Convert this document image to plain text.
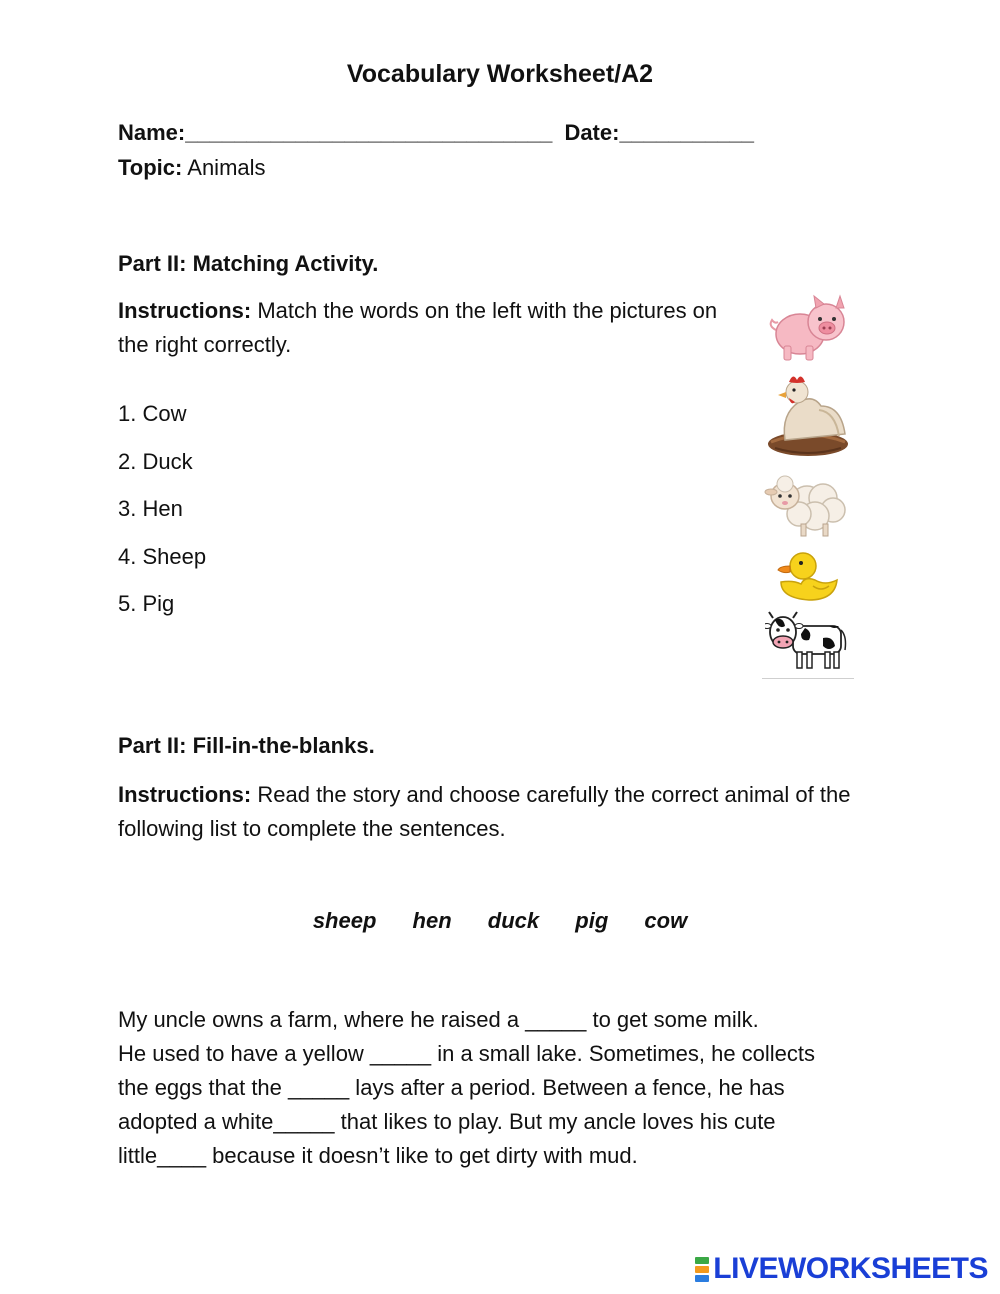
Vocabulary Worksheet/A2
Name:______________________________ Date:___________
Topic: Animals
Part II: Matching Activity.
Instructions: Match the words on the left with the pictures on the right correctly.
1. Cow
2. Duck
3. Hen
4. Sheep
5. Pig
Part II: Fill-in-the-blanks.
Instructions: Read the story and choose carefully the correct animal of the following list to complete the sentences.
sheep hen duck pig cow
My uncle owns a farm, where he raised a _____ to get some milk.
He used to have a yellow _____ in a small lake. Sometimes, he collects
the eggs that the _____ lays after a period. Between a fence, he has
adopted a white_____ that likes to play. But my ancle loves his cute
little____ because it doesn’t like to get dirty with mud.
LIVEWORKSHEETS
